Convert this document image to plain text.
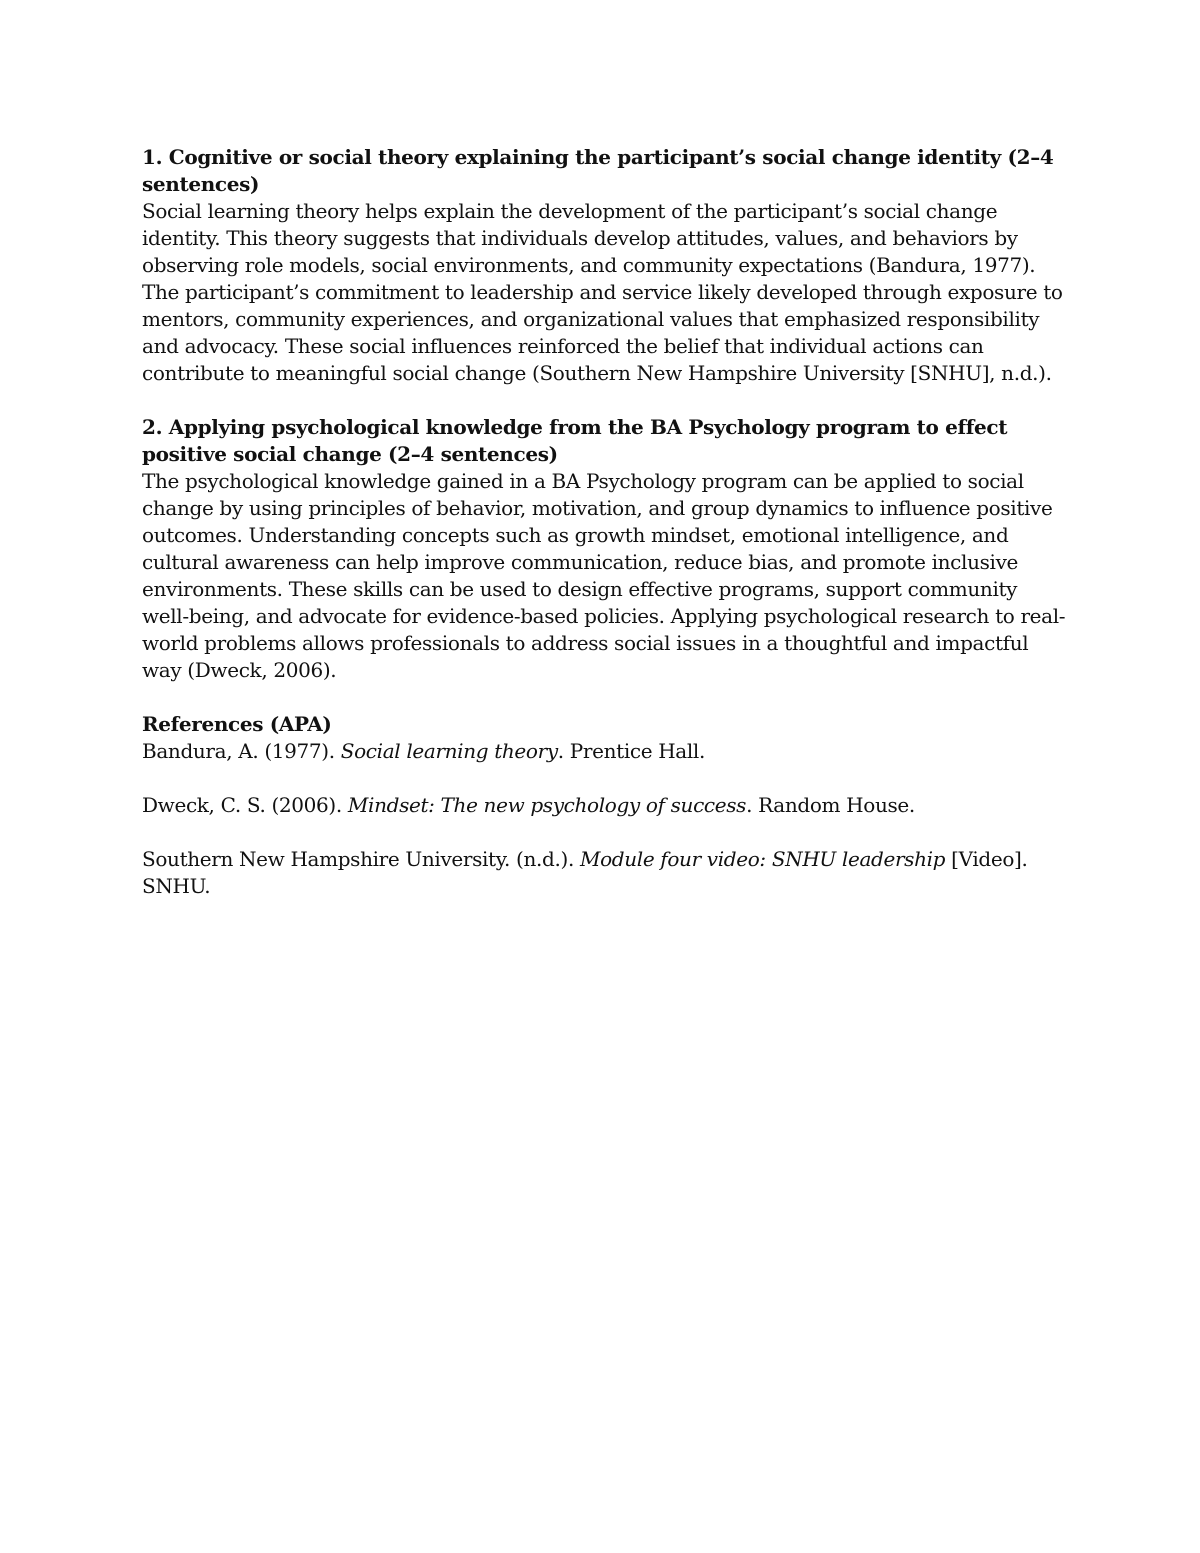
1. Cognitive or social theory explaining the participant’s social change identity (2–4 sentences)

Social learning theory helps explain the development of the participant’s social change identity. This theory suggests that individuals develop attitudes, values, and behaviors by observing role models, social environments, and community expectations (Bandura, 1977). The participant’s commitment to leadership and service likely developed through exposure to mentors, community experiences, and organizational values that emphasized responsibility and advocacy. These social influences reinforced the belief that individual actions can contribute to meaningful social change (Southern New Hampshire University [SNHU], n.d.).

2. Applying psychological knowledge from the BA Psychology program to effect positive social change (2–4 sentences)

The psychological knowledge gained in a BA Psychology program can be applied to social change by using principles of behavior, motivation, and group dynamics to influence positive outcomes. Understanding concepts such as growth mindset, emotional intelligence, and cultural awareness can help improve communication, reduce bias, and promote inclusive environments. These skills can be used to design effective programs, support community well-being, and advocate for evidence-based policies. Applying psychological research to real-world problems allows professionals to address social issues in a thoughtful and impactful way (Dweck, 2006).

References (APA)

Bandura, A. (1977). Social learning theory. Prentice Hall.

Dweck, C. S. (2006). Mindset: The new psychology of success. Random House.

Southern New Hampshire University. (n.d.). Module four video: SNHU leadership [Video]. SNHU.
